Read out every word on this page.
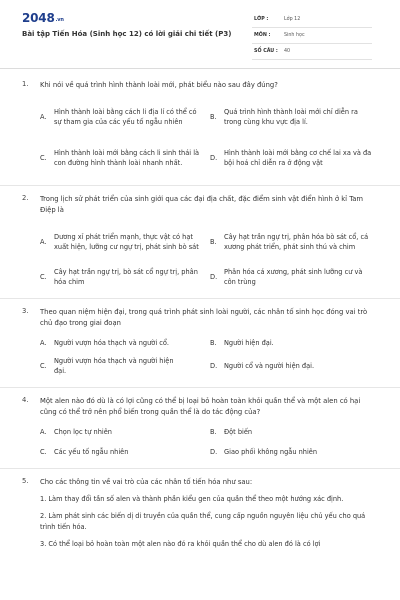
2048.vn
Bài tập Tiến Hóa (Sinh học 12) có lời giải chi tiết (P3)
LỚP :	Lớp 12
MÔN :	Sinh học
SỐ CÂU : 40
1. Khi nói về quá trình hình thành loài mới, phát biểu nào sau đây đúng?
A.
Hình thành loài bằng cách li địa lí có thể có sự tham gia của các yếu tố ngẫu nhiên
B.
Quá trình hình thành loài mới chỉ diễn ra trong cùng khu vực địa lí.
C.
Hình thành loài mới bằng cách li sinh thái là con đường hình thành loài nhanh nhất.
D.
Hình thành loài mới bằng cơ chế lai xa và đa bội hoá chỉ diễn ra ở động vật
2. Trong lịch sử phát triển của sinh giới qua các đại địa chất, đặc điểm sinh vật điển hình ở kỉ Tam Điệp là
A.
Dương xỉ phát triển mạnh, thực vật có hạt xuất hiện, lưỡng cư ngự trị, phát sinh bò sát
B.
Cây hạt trần ngự trị, phân hóa bò sát cổ, cá xương phát triển, phát sinh thú và chim
C.
Cây hạt trần ngự trị, bò sát cổ ngự trị, phân hóa chim
D.
Phân hóa cá xương, phát sinh lưỡng cư và côn trùng
3. Theo quan niệm hiện đại, trong quá trình phát sinh loài người, các nhân tố sinh học đóng vai trò chủ đạo trong giai đoạn
A.	Người vượn hóa thạch và người cổ.	B.	Người hiện đại.
C.
Người vượn hóa thạch và người hiện đại.
D.	Người cổ và người hiện đại.
4. Một alen nào đó dù là có lợi cũng có thể bị loại bỏ hoàn toàn khỏi quần thể và một alen có hại cũng có thể trở nên phổ biến trong quần thể là do tác động của?
A.	Chọn lọc tự nhiên	B.	Đột biến
C.	Các yếu tố ngẫu nhiên	D.	Giao phối không ngẫu nhiên
5. Cho các thông tin về vai trò của các nhân tố tiến hóa như sau:
1. Làm thay đổi tần số alen và thành phần kiểu gen của quần thể theo một hướng xác định.
2. Làm phát sinh các biến dị di truyền của quần thể, cung cấp nguồn nguyên liệu chủ yếu cho quá trình tiến hóa.
3. Có thể loại bỏ hoàn toàn một alen nào đó ra khỏi quần thể cho dù alen đó là có lợi
